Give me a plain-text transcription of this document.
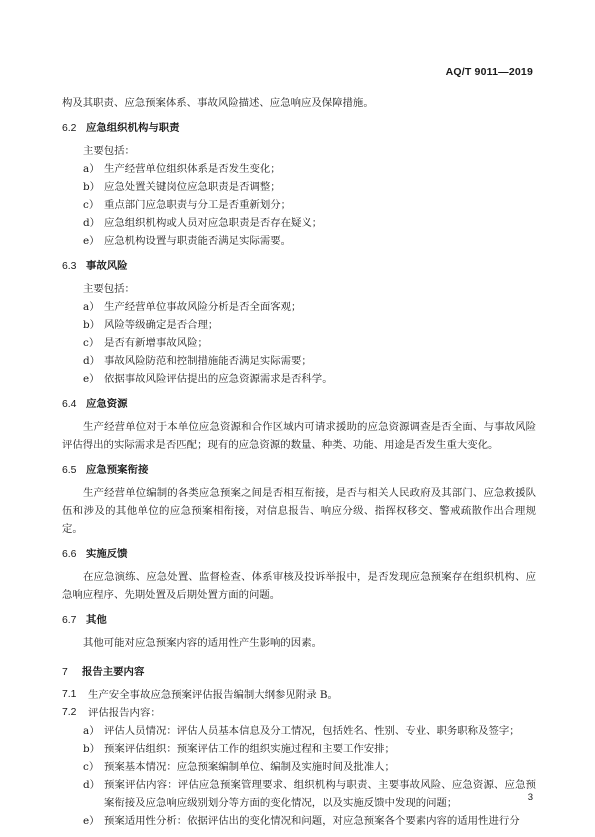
AQ/T 9011—2019

构及其职责、应急预案体系、事故风险描述、应急响应及保障措施。

6.2 应急组织机构与职责

主要包括：

a） 生产经营单位组织体系是否发生变化；
b） 应急处置关键岗位应急职责是否调整；
c） 重点部门应急职责与分工是否重新划分；
d） 应急组织机构或人员对应急职责是否存在疑义；
e） 应急机构设置与职责能否满足实际需要。
6.3 事故风险

主要包括：

a） 生产经营单位事故风险分析是否全面客观；
b） 风险等级确定是否合理；
c） 是否有新增事故风险；
d） 事故风险防范和控制措施能否满足实际需要；
e） 依据事故风险评估提出的应急资源需求是否科学。
6.4 应急资源

生产经营单位对于本单位应急资源和合作区域内可请求援助的应急资源调查是否全面、与事故风险评估得出的实际需求是否匹配；现有的应急资源的数量、种类、功能、用途是否发生重大变化。

6.5 应急预案衔接

生产经营单位编制的各类应急预案之间是否相互衔接，是否与相关人民政府及其部门、应急救援队伍和涉及的其他单位的应急预案相衔接，对信息报告、响应分级、指挥权移交、警戒疏散作出合理规定。

6.6 实施反馈

在应急演练、应急处置、监督检查、体系审核及投诉举报中，是否发现应急预案存在组织机构、应急响应程序、先期处置及后期处置方面的问题。

6.7 其他

其他可能对应急预案内容的适用性产生影响的因素。

7 报告主要内容
7.1	生产安全事故应急预案评估报告编制大纲参见附录 B。
7.2	评估报告内容：
a） 评估人员情况：评估人员基本信息及分工情况，包括姓名、性别、专业、职务职称及签字；
b） 预案评估组织：预案评估工作的组织实施过程和主要工作安排；
c） 预案基本情况：应急预案编制单位、编制及实施时间及批准人；
d） 预案评估内容：评估应急预案管理要求、组织机构与职责、主要事故风险、应急资源、应急预案衔接及应急响应级别划分等方面的变化情况，以及实施反馈中发现的问题；
e） 预案适用性分析：依据评估出的变化情况和问题，对应急预案各个要素内容的适用性进行分
3
